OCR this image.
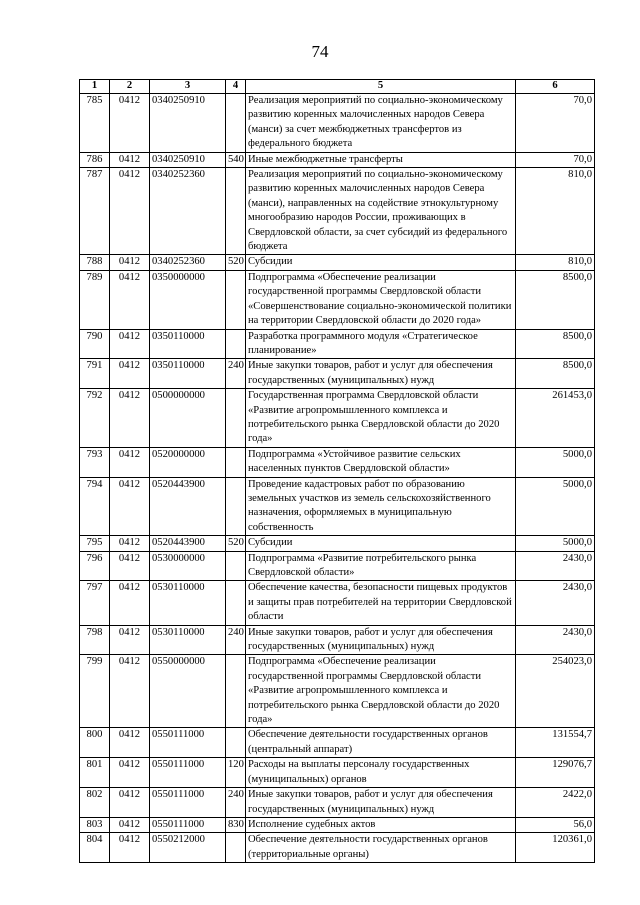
74
1	2	3	4	5	6
785	0412	0340250910		Реализация мероприятий по социально-экономическому развитию коренных малочисленных народов Севера (манси) за счет межбюджетных трансфертов из федерального бюджета	70,0
786	0412	0340250910	540	Иные межбюджетные трансферты	70,0
787	0412	0340252360		Реализация мероприятий по социально-экономическому развитию коренных малочисленных народов Севера (манси), направленных на содействие этнокультурному многообразию народов России, проживающих в Свердловской области, за счет субсидий из федерального бюджета	810,0
788	0412	0340252360	520	Субсидии	810,0
789	0412	0350000000		Подпрограмма «Обеспечение реализации государственной программы Свердловской области «Совершенствование социально-экономической политики на территории Свердловской области до 2020 года»	8500,0
790	0412	0350110000		Разработка программного модуля «Стратегическое планирование»	8500,0
791	0412	0350110000	240	Иные закупки товаров, работ и услуг для обеспечения государственных (муниципальных) нужд	8500,0
792	0412	0500000000		Государственная программа Свердловской области «Развитие агропромышленного комплекса и потребительского рынка Свердловской области до 2020 года»	261453,0
793	0412	0520000000		Подпрограмма «Устойчивое развитие сельских населенных пунктов Свердловской области»	5000,0
794	0412	0520443900		Проведение кадастровых работ по образованию земельных участков из земель сельскохозяйственного назначения, оформляемых в муниципальную собственность	5000,0
795	0412	0520443900	520	Субсидии	5000,0
796	0412	0530000000		Подпрограмма «Развитие потребительского рынка Свердловской области»	2430,0
797	0412	0530110000		Обеспечение качества, безопасности пищевых продуктов и защиты прав потребителей на территории Свердловской области	2430,0
798	0412	0530110000	240	Иные закупки товаров, работ и услуг для обеспечения государственных (муниципальных) нужд	2430,0
799	0412	0550000000		Подпрограмма «Обеспечение реализации государственной программы Свердловской области «Развитие агропромышленного комплекса и потребительского рынка Свердловской области до 2020 года»	254023,0
800	0412	0550111000		Обеспечение деятельности государственных органов (центральный аппарат)	131554,7
801	0412	0550111000	120	Расходы на выплаты персоналу государственных (муниципальных) органов	129076,7
802	0412	0550111000	240	Иные закупки товаров, работ и услуг для обеспечения государственных (муниципальных) нужд	2422,0
803	0412	0550111000	830	Исполнение судебных актов	56,0
804	0412	0550212000		Обеспечение деятельности государственных органов (территориальные органы)	120361,0
